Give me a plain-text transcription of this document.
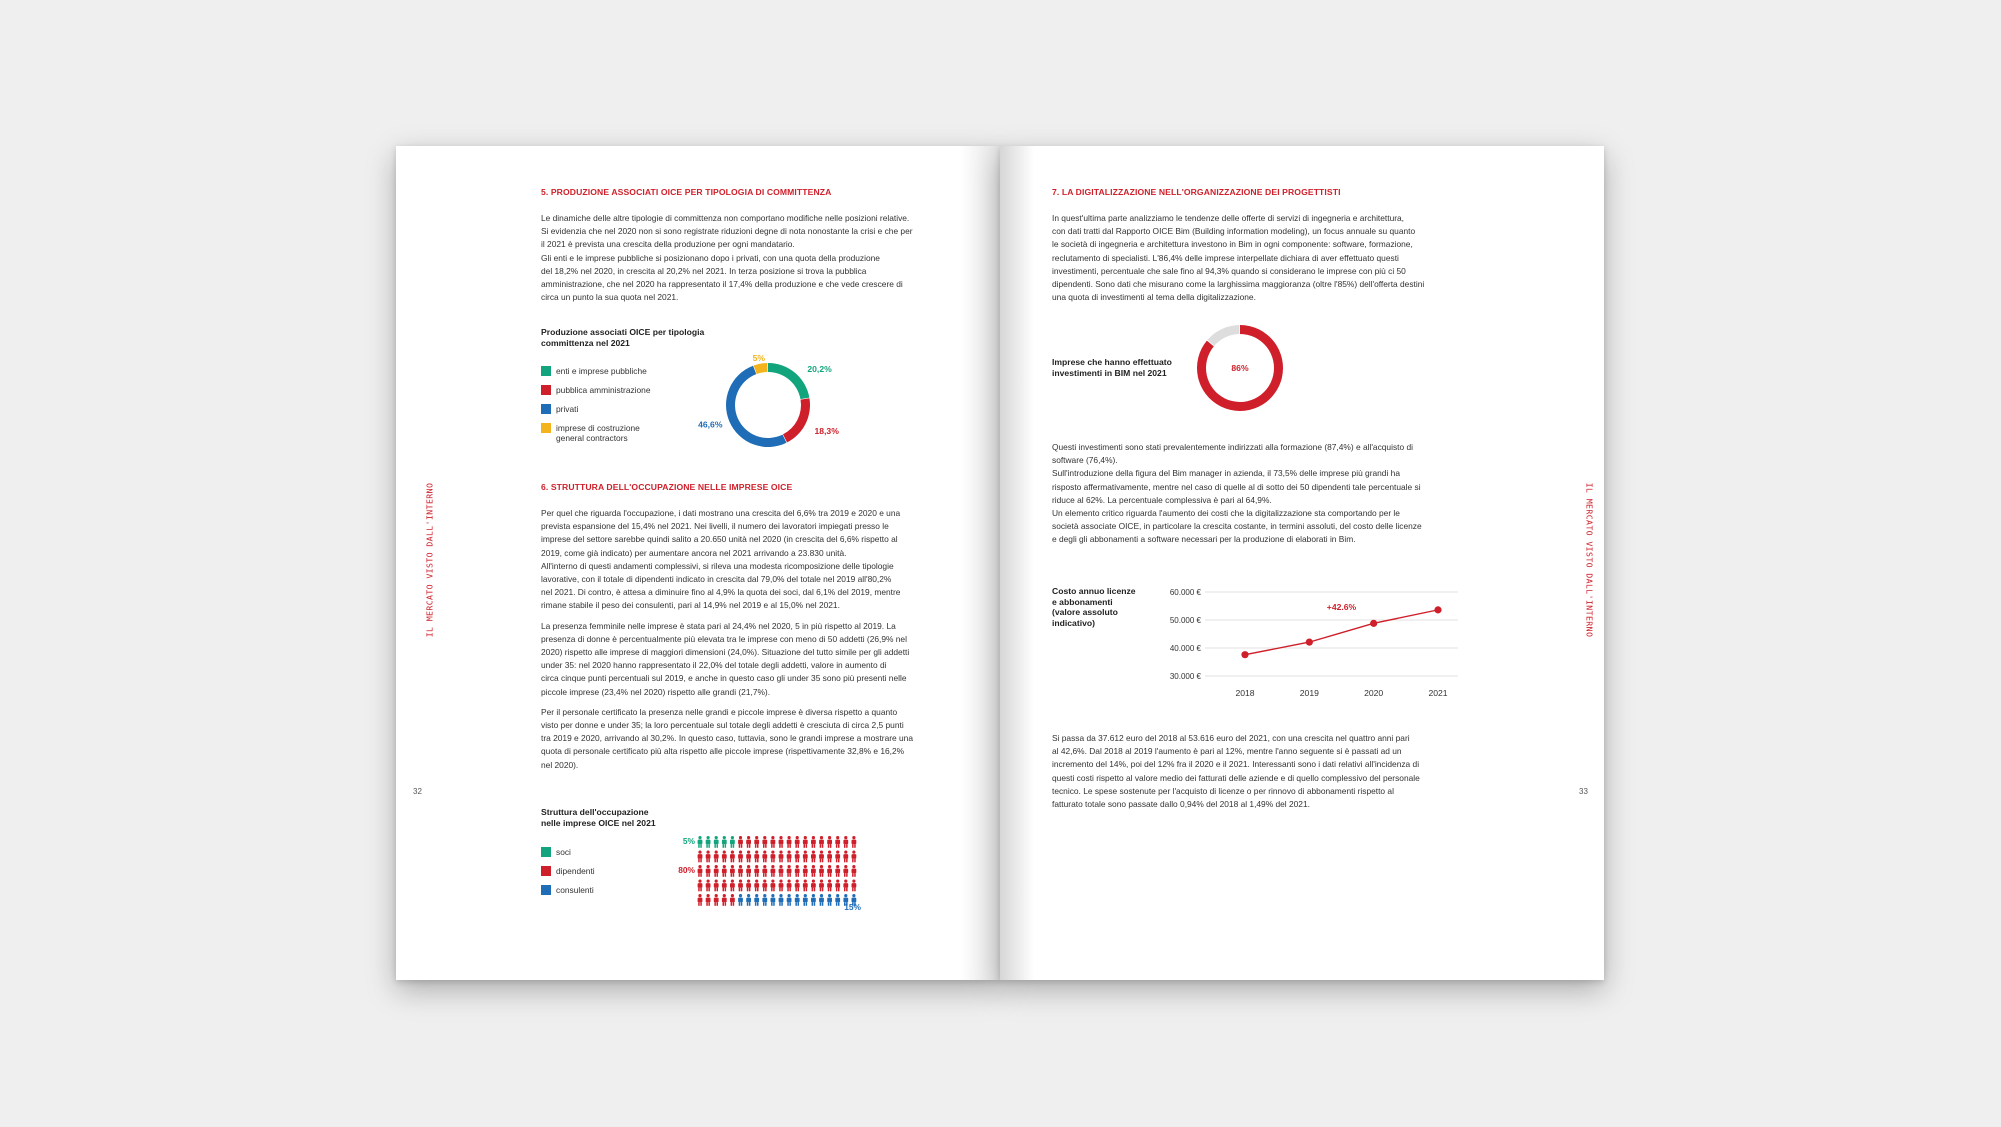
IL MERCATO VISTO DALL'INTERNO
32
5. PRODUZIONE ASSOCIATI OICE PER TIPOLOGIA DI COMMITTENZA

Le dinamiche delle altre tipologie di committenza non comportano modifiche nelle posizioni relative.
Si evidenzia che nel 2020 non si sono registrate riduzioni degne di nota nonostante la crisi e che per
il 2021 è prevista una crescita della produzione per ogni mandatario.
Gli enti e le imprese pubbliche si posizionano dopo i privati, con una quota della produzione
del 18,2% nel 2020, in crescita al 20,2% nel 2021. In terza posizione si trova la pubblica
amministrazione, che nel 2020 ha rappresentato il 17,4% della produzione e che vede crescere di
circa un punto la sua quota nel 2021.

Produzione associati OICE per tipologia
committenza nel 2021
enti e imprese pubbliche
pubblica amministrazione
privati
imprese di costruzione
general contractors
20,2%
18,3%
46,6%
5%
6. STRUTTURA DELL'OCCUPAZIONE NELLE IMPRESE OICE

Per quel che riguarda l'occupazione, i dati mostrano una crescita del 6,6% tra 2019 e 2020 e una
prevista espansione del 15,4% nel 2021. Nei livelli, il numero dei lavoratori impiegati presso le
imprese del settore sarebbe quindi salito a 20.650 unità nel 2020 (in crescita del 6,6% rispetto al
2019, come già indicato) per aumentare ancora nel 2021 arrivando a 23.830 unità.
All'interno di questi andamenti complessivi, si rileva una modesta ricomposizione delle tipologie
lavorative, con il totale di dipendenti indicato in crescita dal 79,0% del totale nel 2019 all'80,2%
nel 2021. Di contro, è attesa a diminuire fino al 4,9% la quota dei soci, dal 6,1% del 2019, mentre
rimane stabile il peso dei consulenti, pari al 14,9% nel 2019 e al 15,0% nel 2021.

La presenza femminile nelle imprese è stata pari al 24,4% nel 2020, 5 in più rispetto al 2019. La
presenza di donne è percentualmente più elevata tra le imprese con meno di 50 addetti (26,9% nel
2020) rispetto alle imprese di maggiori dimensioni (24,0%). Situazione del tutto simile per gli addetti
under 35: nel 2020 hanno rappresentato il 22,0% del totale degli addetti, valore in aumento di
circa cinque punti percentuali sul 2019, e anche in questo caso gli under 35 sono più presenti nelle
piccole imprese (23,4% nel 2020) rispetto alle grandi (21,7%).

Per il personale certificato la presenza nelle grandi e piccole imprese è diversa rispetto a quanto
visto per donne e under 35; la loro percentuale sul totale degli addetti è cresciuta di circa 2,5 punti
tra 2019 e 2020, arrivando al 30,2%. In questo caso, tuttavia, sono le grandi imprese a mostrare una
quota di personale certificato più alta rispetto alle piccole imprese (rispettivamente 32,8% e 16,2%
nel 2020).

Struttura dell'occupazione
nelle imprese OICE nel 2021
soci
dipendenti
consulenti
5%
80%
15%
IL MERCATO VISTO DALL'INTERNO
33
7. LA DIGITALIZZAZIONE NELL'ORGANIZZAZIONE DEI PROGETTISTI

In quest'ultima parte analizziamo le tendenze delle offerte di servizi di ingegneria e architettura,
con dati tratti dal Rapporto OICE Bim (Building information modeling), un focus annuale su quanto
le società di ingegneria e architettura investono in Bim in ogni componente: software, formazione,
reclutamento di specialisti. L'86,4% delle imprese interpellate dichiara di aver effettuato questi
investimenti, percentuale che sale fino al 94,3% quando si considerano le imprese con più ci 50
dipendenti. Sono dati che misurano come la larghissima maggioranza (oltre l'85%) dell'offerta destini
una quota di investimenti al tema della digitalizzazione.

Imprese che hanno effettuato
investimenti in BIM nel 2021	86%

Questi investimenti sono stati prevalentemente indirizzati alla formazione (87,4%) e all'acquisto di
software (76,4%).
Sull'introduzione della figura del Bim manager in azienda, il 73,5% delle imprese più grandi ha
risposto affermativamente, mentre nel caso di quelle al di sotto dei 50 dipendenti tale percentuale si
riduce al 62%. La percentuale complessiva è pari al 64,9%.
Un elemento critico riguarda l'aumento dei costi che la digitalizzazione sta comportando per le
società associate OICE, in particolare la crescita costante, in termini assoluti, del costo delle licenze
e degli gli abbonamenti a software necessari per la produzione di elaborati in Bim.

Costo annuo licenze
e abbonamenti
(valore assoluto
indicativo)
30.000 €
40.000 €
50.000 €
60.000 €
2018	2019	2020	2021
+42.6%

Si passa da 37.612 euro del 2018 al 53.616 euro del 2021, con una crescita nel quattro anni pari
al 42,6%. Dal 2018 al 2019 l'aumento è pari al 12%, mentre l'anno seguente si è passati ad un
incremento del 14%, poi del 12% fra il 2020 e il 2021. Interessanti sono i dati relativi all'incidenza di
questi costi rispetto al valore medio dei fatturati delle aziende e di quello complessivo del personale
tecnico. Le spese sostenute per l'acquisto di licenze o per rinnovo di abbonamenti rispetto al
fatturato totale sono passate dallo 0,94% del 2018 al 1,49% del 2021.
